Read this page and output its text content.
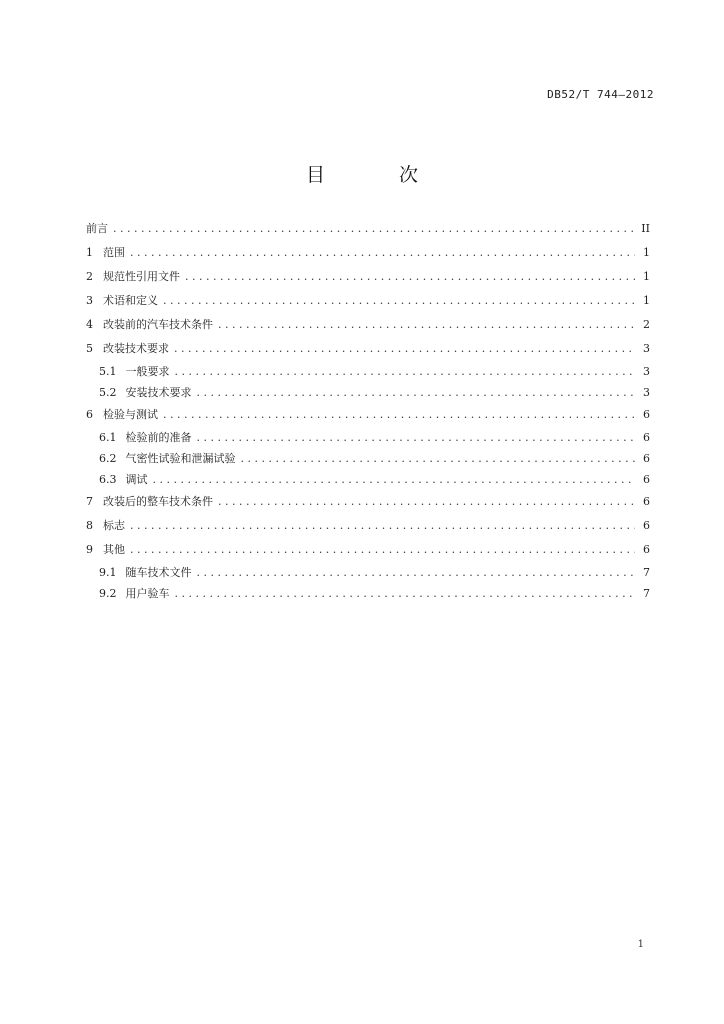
DB52/T 744—2012
目 次
前言 . . .	II
1 范围 . . .	1
2 规范性引用文件 . . .	1
3 术语和定义 . . .	1
4 改装前的汽车技术条件 . . .	2
5 改装技术要求 . . .	3
5.1 一般要求 . . .	3
5.2 安装技术要求 . . .	3
6 检验与测试 . . .	6
6.1 检验前的准备 . . .	6
6.2 气密性试验和泄漏试验 . . .	6
6.3 调试 . . .	6
7 改装后的整车技术条件 . . .	6
8 标志 . . .	6
9 其他 . . .	6
9.1 随车技术文件 . . .	7
9.2 用户验车 . . .	7
1
